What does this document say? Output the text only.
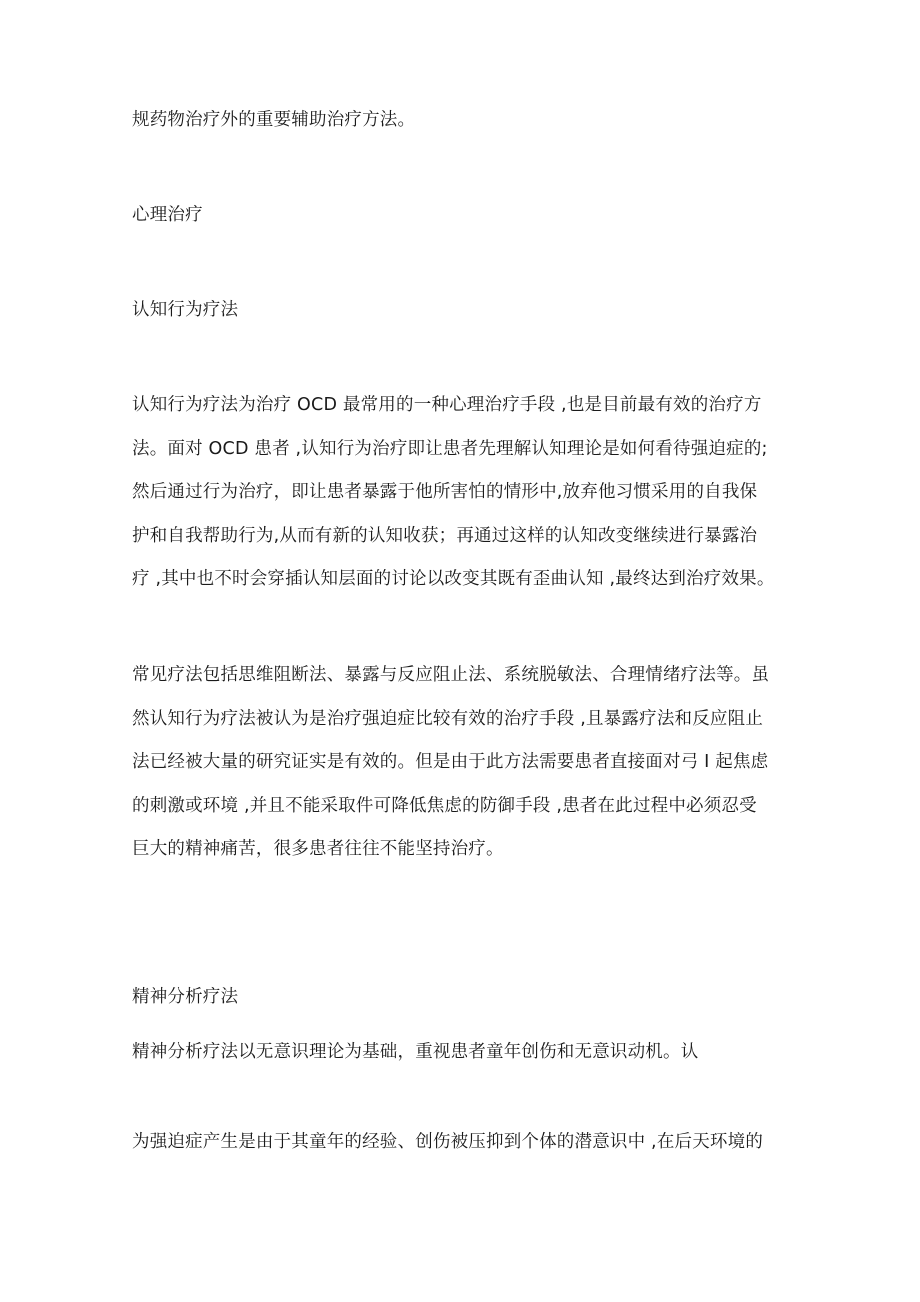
规药物治疗外的重要辅助治疗方法。
心理治疗
认知行为疗法
认知行为疗法为治疗 OCD 最常用的一种心理治疗手段 ,也是目前最有效的治疗方
法。面对 OCD 患者 ,认知行为治疗即让患者先理解认知理论是如何看待强迫症的;
然后通过行为治疗，即让患者暴露于他所害怕的情形中,放弃他习惯采用的自我保
护和自我帮助行为,从而有新的认知收获；再通过这样的认知改变继续进行暴露治
疗 ,其中也不时会穿插认知层面的讨论以改变其既有歪曲认知 ,最终达到治疗效果。
常见疗法包括思维阻断法、暴露与反应阻止法、系统脱敏法、合理情绪疗法等。虽
然认知行为疗法被认为是治疗强迫症比较有效的治疗手段 ,且暴露疗法和反应阻止
法已经被大量的研究证实是有效的。但是由于此方法需要患者直接面对弓 I 起焦虑
的刺激或环境 ,并且不能采取件可降低焦虑的防御手段 ,患者在此过程中必须忍受
巨大的精神痛苦，很多患者往往不能坚持治疗。
精神分析疗法
精神分析疗法以无意识理论为基础，重视患者童年创伤和无意识动机。认
为强迫症产生是由于其童年的经验、创伤被压抑到个体的潜意识中 ,在后天环境的
